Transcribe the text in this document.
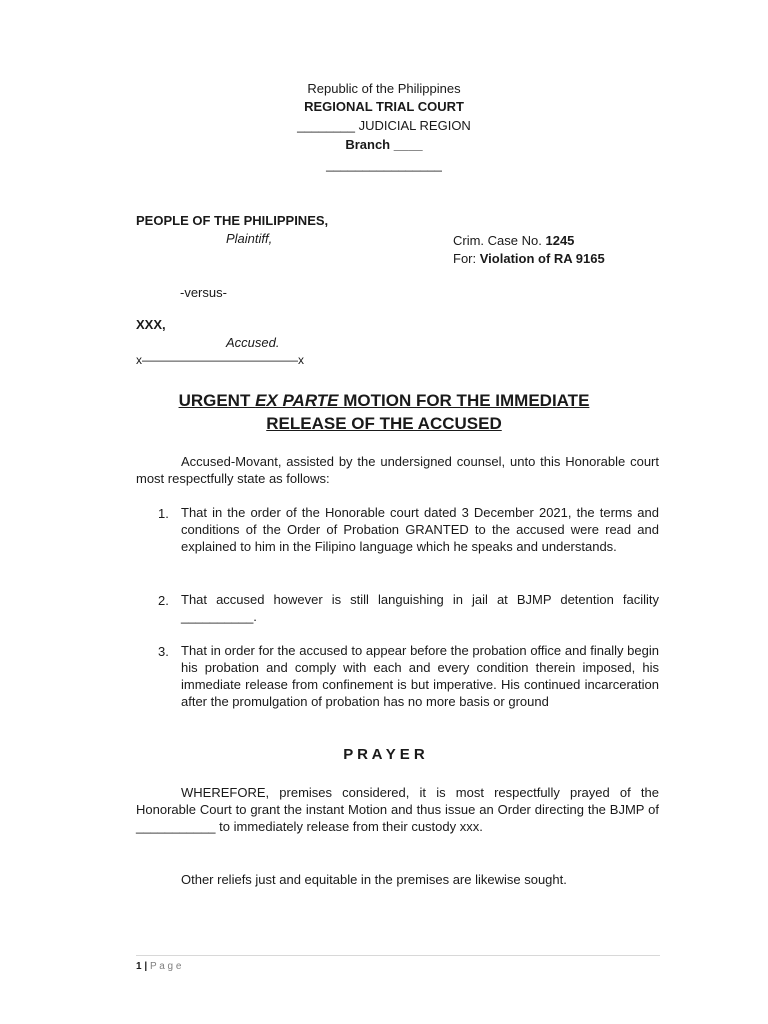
Republic of the Philippines
REGIONAL TRIAL COURT
________ JUDICIAL REGION
Branch ____
________________
PEOPLE OF THE PHILIPPINES,
Plaintiff,	Crim. Case No. 1245
For: Violation of RA 9165
-versus-
XXX,
Accused.
x—————————————x
URGENT EX PARTE MOTION FOR THE IMMEDIATE
RELEASE OF THE ACCUSED
Accused-Movant, assisted by the undersigned counsel, unto this Honorable court most respectfully state as follows:
1. That in the order of the Honorable court dated 3 December 2021, the terms and conditions of the Order of Probation GRANTED to the accused were read and explained to him in the Filipino language which he speaks and understands.
2. That accused however is still languishing in jail at BJMP detention facility __________.
3. That in order for the accused to appear before the probation office and finally begin his probation and comply with each and every condition therein imposed, his immediate release from confinement is but imperative. His continued incarceration after the promulgation of probation has no more basis or ground
P R A Y E R
WHEREFORE, premises considered, it is most respectfully prayed of the Honorable Court to grant the instant Motion and thus issue an Order directing the BJMP of ___________ to immediately release from their custody xxx.
Other reliefs just and equitable in the premises are likewise sought.
1 | P a g e
